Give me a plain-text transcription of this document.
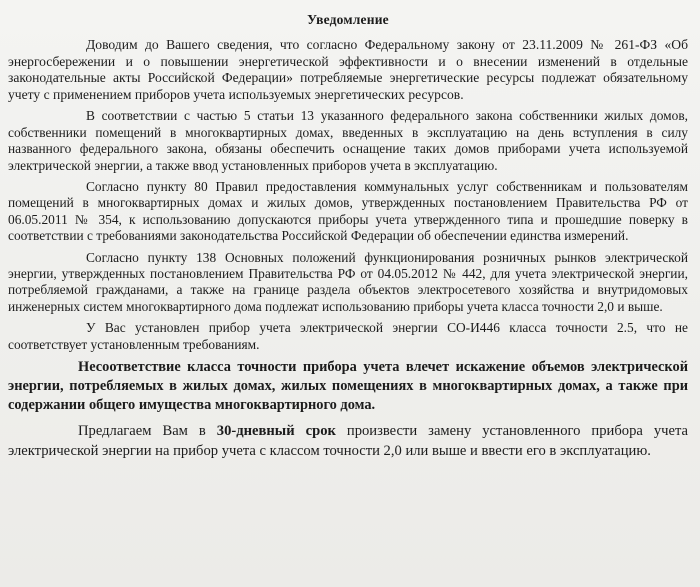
Уведомление

Доводим до Вашего сведения, что согласно Федеральному закону от 23.11.2009 № 261-ФЗ «Об энергосбережении и о повышении энергетической эффективности и о внесении изменений в отдельные законодательные акты Российской Федерации» потребляемые энергетические ресурсы подлежат обязательному учету с применением приборов учета используемых энергетических ресурсов.

В соответствии с частью 5 статьи 13 указанного федерального закона собственники жилых домов, собственники помещений в многоквартирных домах, введенных в эксплуатацию на день вступления в силу названного федерального закона, обязаны обеспечить оснащение таких домов приборами учета используемой электрической энергии, а также ввод установленных приборов учета в эксплуатацию.

Согласно пункту 80 Правил предоставления коммунальных услуг собственникам и пользователям помещений в многоквартирных домах и жилых домов, утвержденных постановлением Правительства РФ от 06.05.2011 № 354, к использованию допускаются приборы учета утвержденного типа и прошедшие поверку в соответствии с требованиями законодательства Российской Федерации об обеспечении единства измерений.

Согласно пункту 138 Основных положений функционирования розничных рынков электрической энергии, утвержденных постановлением Правительства РФ от 04.05.2012 № 442, для учета электрической энергии, потребляемой гражданами, а также на границе раздела объектов электросетевого хозяйства и внутридомовых инженерных систем многоквартирного дома подлежат использованию приборы учета класса точности 2,0 и выше.

У Вас установлен прибор учета электрической энергии СО-И446 класса точности 2.5, что не соответствует установленным требованиям.

Несоответствие класса точности прибора учета влечет искажение объемов электрической энергии, потребляемых в жилых домах, жилых помещениях в многоквартирных домах, а также при содержании общего имущества многоквартирного дома.

Предлагаем Вам в 30-дневный срок произвести замену установленного прибора учета электрической энергии на прибор учета с классом точности 2,0 или выше и ввести его в эксплуатацию.
